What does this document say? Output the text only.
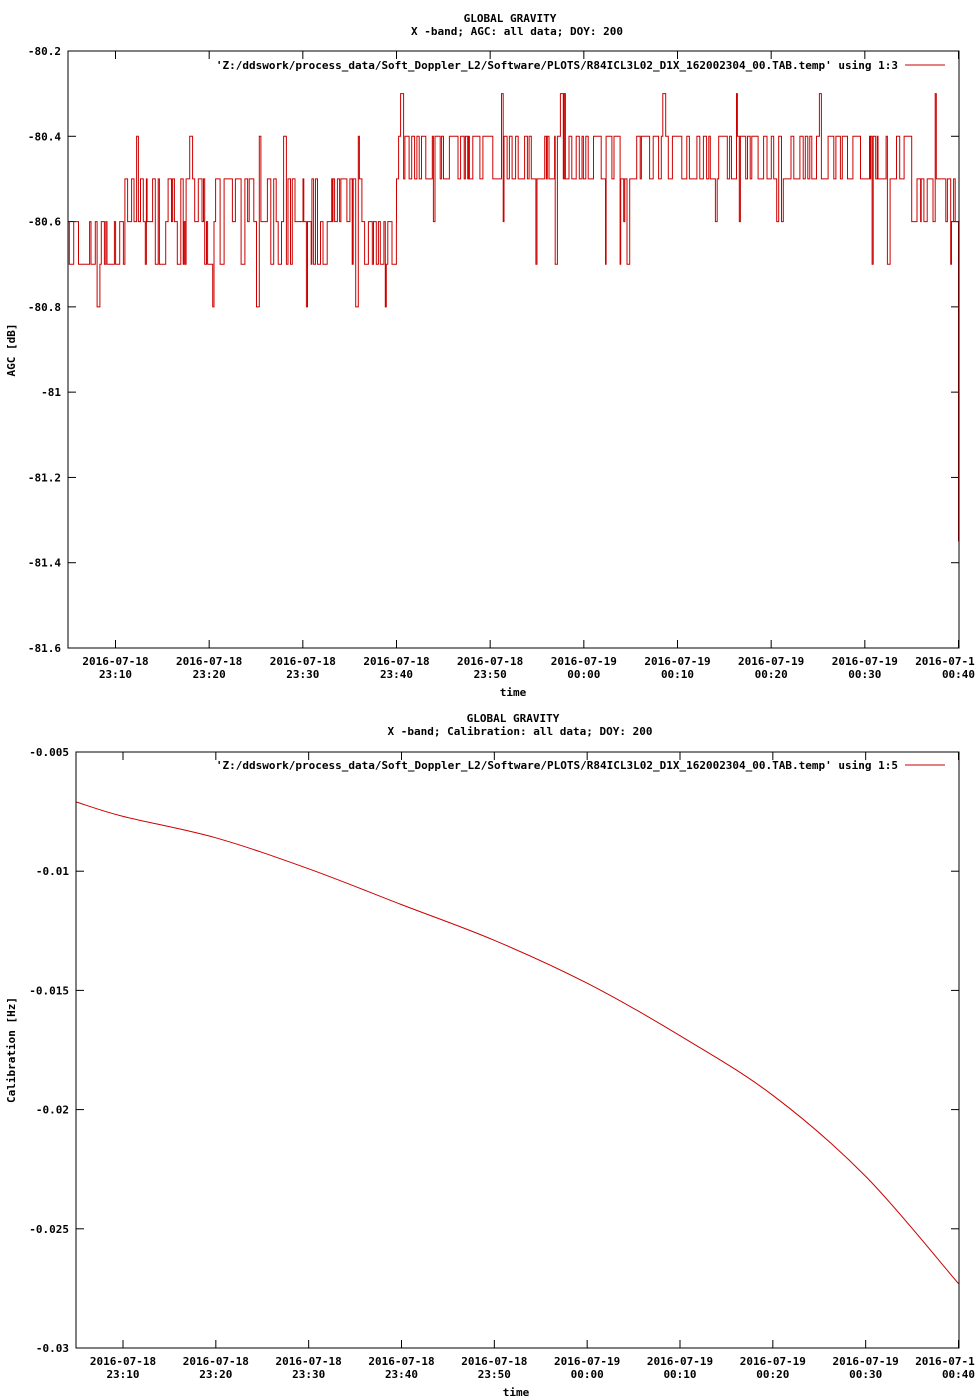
GLOBAL GRAVITY
X -band; AGC: all data; DOY: 200
AGC [dB]
time
'Z:/ddswork/process_data/Soft_Doppler_L2/Software/PLOTS/R84ICL3L02_D1X_162002304_00.TAB.temp' using 1:3
-80.2
-80.4
-80.6
-80.8
-81
-81.2
-81.4
-81.6
2016-07-18
23:10
2016-07-18
23:20
2016-07-18
23:30
2016-07-18
23:40
2016-07-18
23:50
2016-07-19
00:00
2016-07-19
00:10
2016-07-19
00:20
2016-07-19
00:30
2016-07-1
00:40
GLOBAL GRAVITY
X -band; Calibration: all data; DOY: 200
Calibration [Hz]
time
'Z:/ddswork/process_data/Soft_Doppler_L2/Software/PLOTS/R84ICL3L02_D1X_162002304_00.TAB.temp' using 1:5
-0.005
-0.01
-0.015
-0.02
-0.025
-0.03
2016-07-18
23:10
2016-07-18
23:20
2016-07-18
23:30
2016-07-18
23:40
2016-07-18
23:50
2016-07-19
00:00
2016-07-19
00:10
2016-07-19
00:20
2016-07-19
00:30
2016-07-1
00:40
